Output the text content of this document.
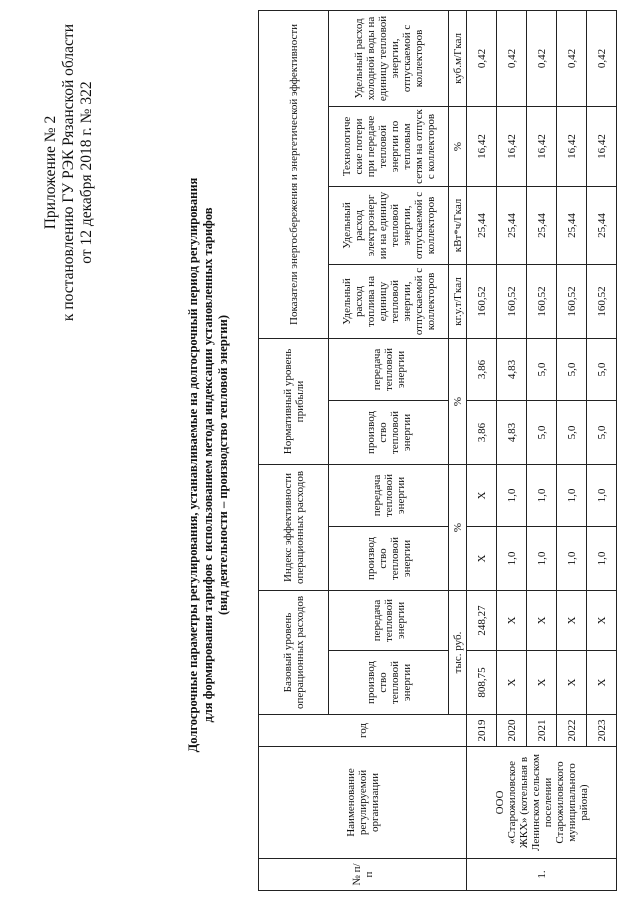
Приложение № 2 к постановлению ГУ РЭК Рязанской области от 12 декабря 2018 г. № 322
Долгосрочные параметры регулирования, устанавливаемые на долгосрочный период регулирования для формирования тарифов с использованием метода индексации установленных тарифов (вид деятельности – производство тепловой энергии)
№ п/п	Наименование регулируемой организации	год	Базовый уровень операционных расходов		Индекс эффективности операционных расходов		Нормативный уровень прибыли		Показатели энергосбережения и энергетической эффективности			
			производ ство тепловой энергии	передача тепловой энергии	производ ство тепловой энергии	передача тепловой энергии	производ ство тепловой энергии	передача тепловой энергии	Удельный расход топлива на единицу тепловой энергии, отпускаемой с коллекторов	Удельный расход электроэнерг ии на единицу тепловой энергии, отпускаемой с коллекторов	Технологиче ские потери при передаче тепловой энергии по тепловым сетям на отпуск с коллекторов	Удельный расход холодной воды на единицу тепловой энергии, отпускаемой с коллекторов
			тыс. руб.		%		%		кг.у.т/Гкал	кВт*ч/Гкал	%	куб.м/Гкал
1.	ООО «Старожиловское ЖКХ» (котельная в Ленинском сельском поселении Старожиловского муниципального района)	2019	808,75	248,27	X	X	3,86	3,86	160,52	25,44	16,42	0,42
		2020	X	X	1,0	1,0	4,83	4,83	160,52	25,44	16,42	0,42
		2021	X	X	1,0	1,0	5,0	5,0	160,52	25,44	16,42	0,42
		2022	X	X	1,0	1,0	5,0	5,0	160,52	25,44	16,42	0,42
		2023	X	X	1,0	1,0	5,0	5,0	160,52	25,44	16,42	0,42
